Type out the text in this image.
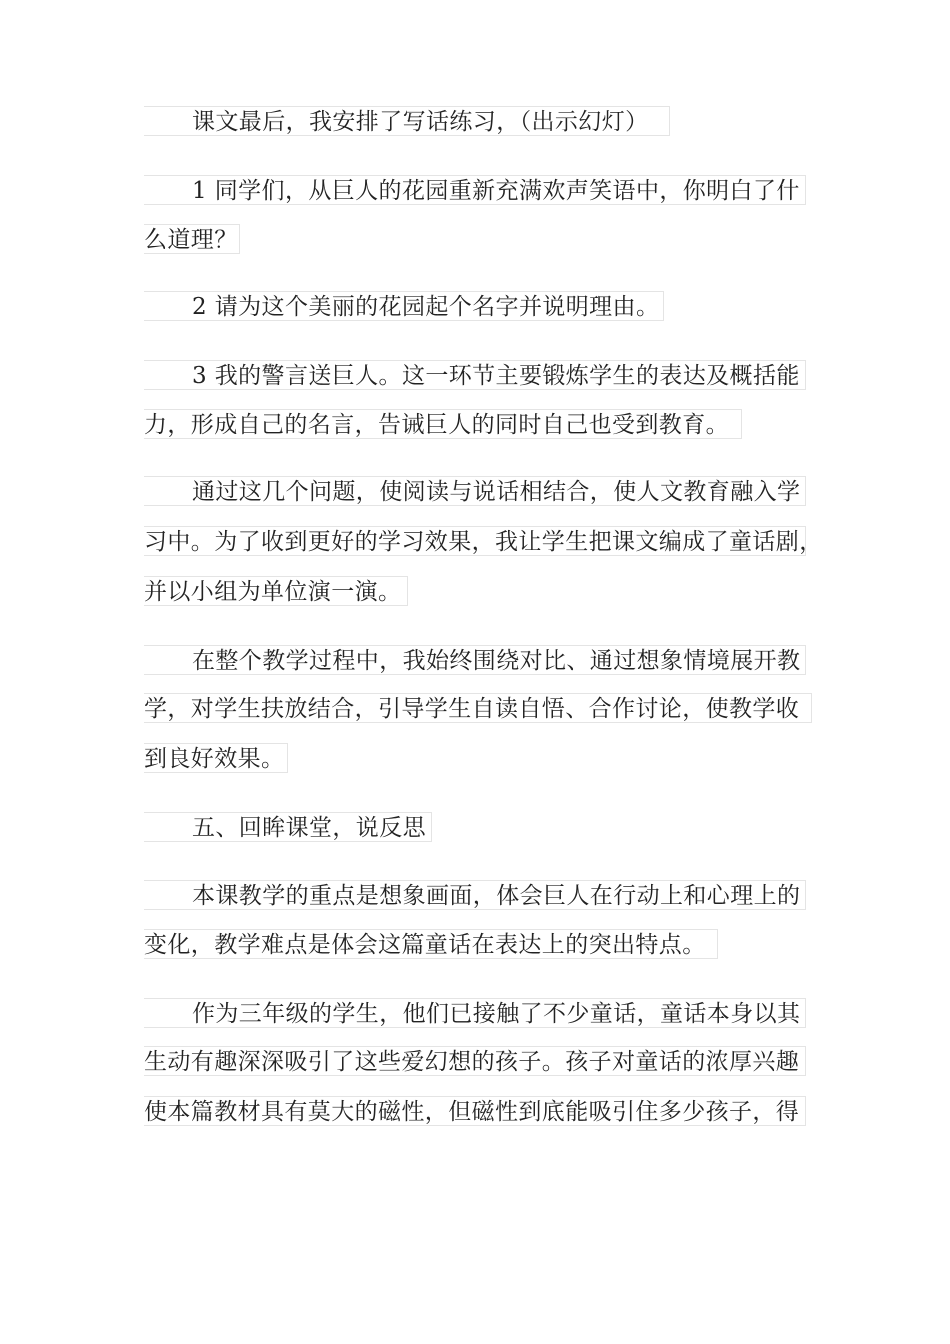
课文最后，我安排了写话练习，（出示幻灯）
1 同学们，从巨人的花园重新充满欢声笑语中，你明白了什
么道理？
2 请为这个美丽的花园起个名字并说明理由。
3 我的警言送巨人。这一环节主要锻炼学生的表达及概括能
力，形成自己的名言，告诫巨人的同时自己也受到教育。
通过这几个问题，使阅读与说话相结合，使人文教育融入学
习中。为了收到更好的学习效果，我让学生把课文编成了童话剧，
并以小组为单位演一演。
在整个教学过程中，我始终围绕对比、通过想象情境展开教
学，对学生扶放结合，引导学生自读自悟、合作讨论，使教学收
到良好效果。
五、回眸课堂，说反思
本课教学的重点是想象画面，体会巨人在行动上和心理上的
变化，教学难点是体会这篇童话在表达上的突出特点。
作为三年级的学生，他们已接触了不少童话，童话本身以其
生动有趣深深吸引了这些爱幻想的孩子。孩子对童话的浓厚兴趣
使本篇教材具有莫大的磁性，但磁性到底能吸引住多少孩子，得
